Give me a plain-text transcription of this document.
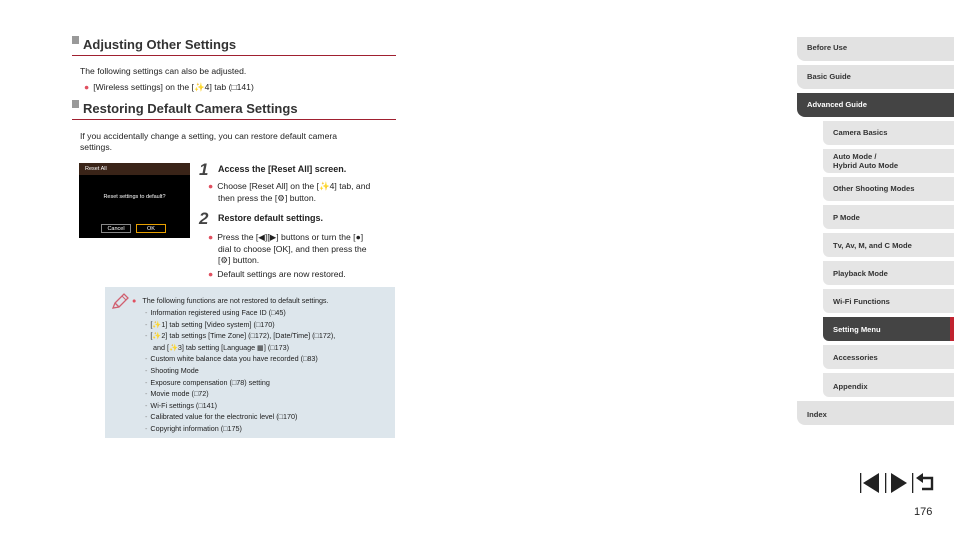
Adjusting Other Settings
The following settings can also be adjusted.
● [Wireless settings] on the [✨4] tab (□141)
Restoring Default Camera Settings
If you accidentally change a setting, you can restore default camera
settings.
Reset All
Reset settings to default?
Cancel	OK
1 Access the [Reset All] screen.
● Choose [Reset All] on the [✨4] tab, and
then press the [⚙] button.
2 Restore default settings.
● Press the [◀][▶] buttons or turn the [●]
dial to choose [OK], and then press the
[⚙] button.
● Default settings are now restored.
● The following functions are not restored to default settings.
- Information registered using Face ID (□45)
- [✨1] tab setting [Video system] (□170)
- [✨2] tab settings [Time Zone] (□172), [Date/Time] (□172),
and [✨3] tab setting [Language ▦] (□173)
- Custom white balance data you have recorded (□83)
- Shooting Mode
- Exposure compensation (□78) setting
- Movie mode (□72)
- Wi-Fi settings (□141)
- Calibrated value for the electronic level (□170)
- Copyright information (□175)
Before Use
Basic Guide
Advanced Guide
Camera Basics
Auto Mode /
Hybrid Auto Mode
Other Shooting Modes
P Mode
Tv, Av, M, and C Mode
Playback Mode
Wi-Fi Functions
Setting Menu
Accessories
Appendix
Index
176
